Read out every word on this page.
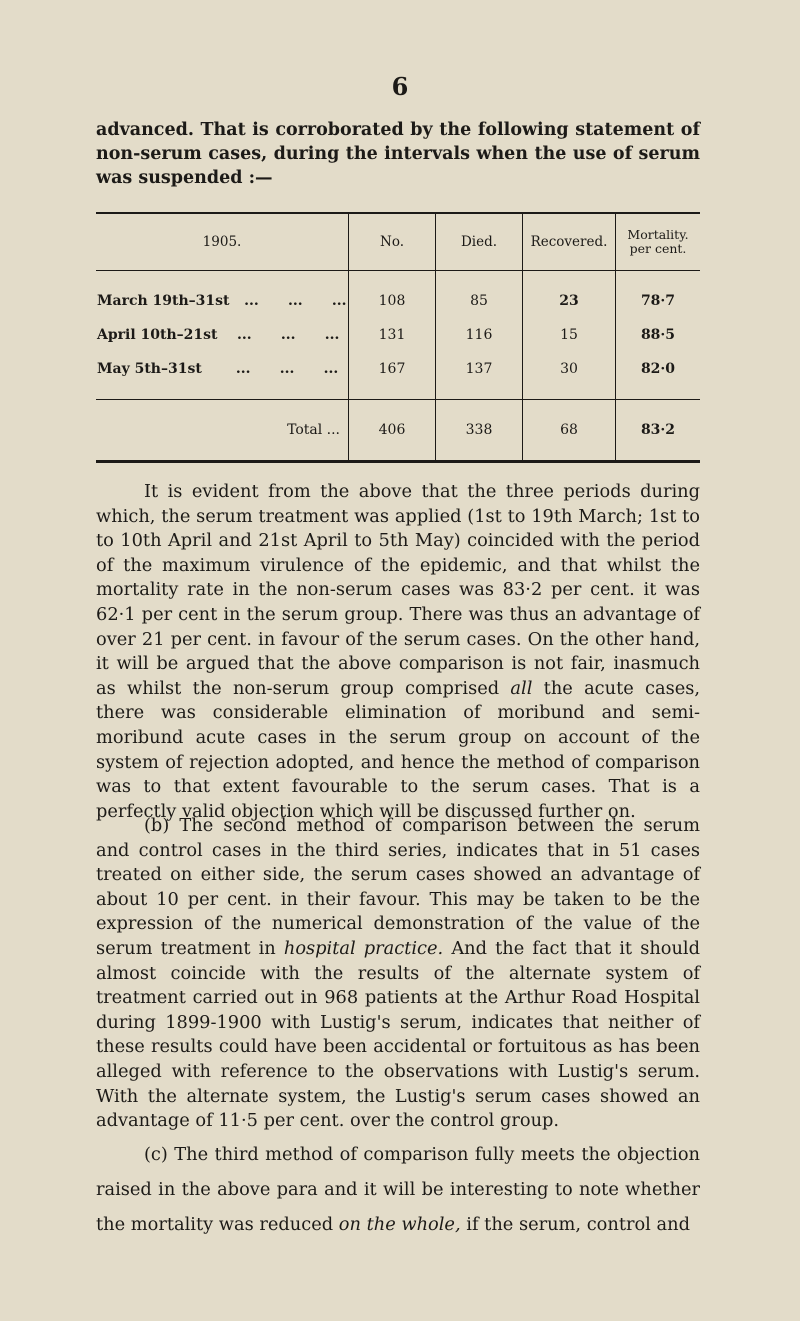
6
advanced. That is corroborated by the following statement of non-serum cases, during the intervals when the use of serum was suspended :—
1905.	No.	Died.	Recovered.	Mortality.
per cent.

March 19th–31st ...      ...      ...	108	85	23	78·7
April 10th–21st ...      ...      ...	131	116	15	88·5
May 5th–31st ...      ...      ...	167	137	30	82·0
Total ...	406	338	68	83·2
It is evident from the above that the three periods during which, the serum treatment was applied (1st to 19th March; 1st to to 10th April and 21st April to 5th May) coincided with the period of the maximum virulence of the epidemic, and that whilst the mortality rate in the non-serum cases was 83·2 per cent. it was 62·1 per cent in the serum group. There was thus an advantage of over 21 per cent. in favour of the serum cases. On the other hand, it will be argued that the above comparison is not fair, inasmuch as whilst the non-serum group comprised all the acute cases, there was considerable elimination of moribund and semi-moribund acute cases in the serum group on account of the system of rejection adopted, and hence the method of comparison was to that extent favourable to the serum cases. That is a perfectly valid objection which will be discussed further on.
(b) The second method of comparison between the serum and control cases in the third series, indicates that in 51 cases treated on either side, the serum cases showed an advantage of about 10 per cent. in their favour. This may be taken to be the expression of the numerical demonstration of the value of the serum treatment in hospital practice. And the fact that it should almost coincide with the results of the alternate system of treatment carried out in 968 patients at the Arthur Road Hospital during 1899-1900 with Lustig's serum, indicates that neither of these results could have been accidental or fortuitous as has been alleged with reference to the observations with Lustig's serum. With the alternate system, the Lustig's serum cases showed an advantage of 11·5 per cent. over the control group.
(c) The third method of comparison fully meets the objection raised in the above para and it will be interesting to note whether the mortality was reduced on the whole, if the serum, control and
